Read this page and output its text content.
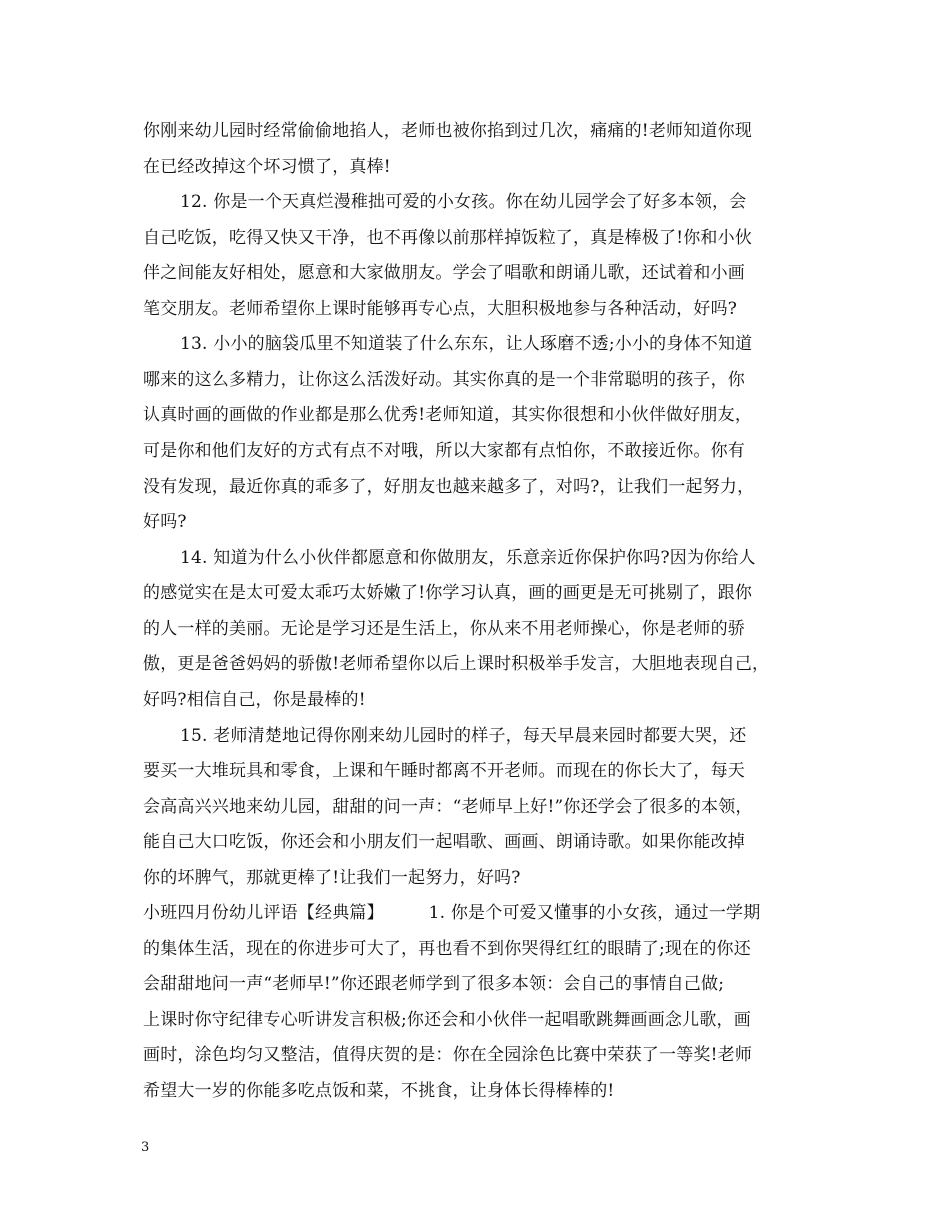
你刚来幼儿园时经常偷偷地掐人，老师也被你掐到过几次，痛痛的!老师知道你现
在已经改掉这个坏习惯了，真棒!
12. 你是一个天真烂漫稚拙可爱的小女孩。你在幼儿园学会了好多本领，会
自己吃饭，吃得又快又干净，也不再像以前那样掉饭粒了，真是棒极了!你和小伙
伴之间能友好相处，愿意和大家做朋友。学会了唱歌和朗诵儿歌，还试着和小画
笔交朋友。老师希望你上课时能够再专心点，大胆积极地参与各种活动，好吗?
13. 小小的脑袋瓜里不知道装了什么东东，让人琢磨不透;小小的身体不知道
哪来的这么多精力，让你这么活泼好动。其实你真的是一个非常聪明的孩子，你
认真时画的画做的作业都是那么优秀!老师知道，其实你很想和小伙伴做好朋友，
可是你和他们友好的方式有点不对哦，所以大家都有点怕你，不敢接近你。你有
没有发现，最近你真的乖多了，好朋友也越来越多了，对吗?，让我们一起努力，
好吗?
14. 知道为什么小伙伴都愿意和你做朋友，乐意亲近你保护你吗?因为你给人
的感觉实在是太可爱太乖巧太娇嫩了!你学习认真，画的画更是无可挑剔了，跟你
的人一样的美丽。无论是学习还是生活上，你从来不用老师操心，你是老师的骄
傲，更是爸爸妈妈的骄傲!老师希望你以后上课时积极举手发言，大胆地表现自己，
好吗?相信自己，你是最棒的!
15. 老师清楚地记得你刚来幼儿园时的样子，每天早晨来园时都要大哭，还
要买一大堆玩具和零食，上课和午睡时都离不开老师。而现在的你长大了，每天
会高高兴兴地来幼儿园，甜甜的问一声：“老师早上好!”你还学会了很多的本领，
能自己大口吃饭，你还会和小朋友们一起唱歌、画画、朗诵诗歌。如果你能改掉
你的坏脾气，那就更棒了!让我们一起努力，好吗?
小班四月份幼儿评语【经典篇】        1. 你是个可爱又懂事的小女孩，通过一学期
的集体生活，现在的你进步可大了，再也看不到你哭得红红的眼睛了;现在的你还
会甜甜地问一声“老师早!”你还跟老师学到了很多本领：会自己的事情自己做;
上课时你守纪律专心听讲发言积极;你还会和小伙伴一起唱歌跳舞画画念儿歌，画
画时，涂色均匀又整洁，值得庆贺的是：你在全园涂色比赛中荣获了一等奖!老师
希望大一岁的你能多吃点饭和菜，不挑食，让身体长得棒棒的!
3
